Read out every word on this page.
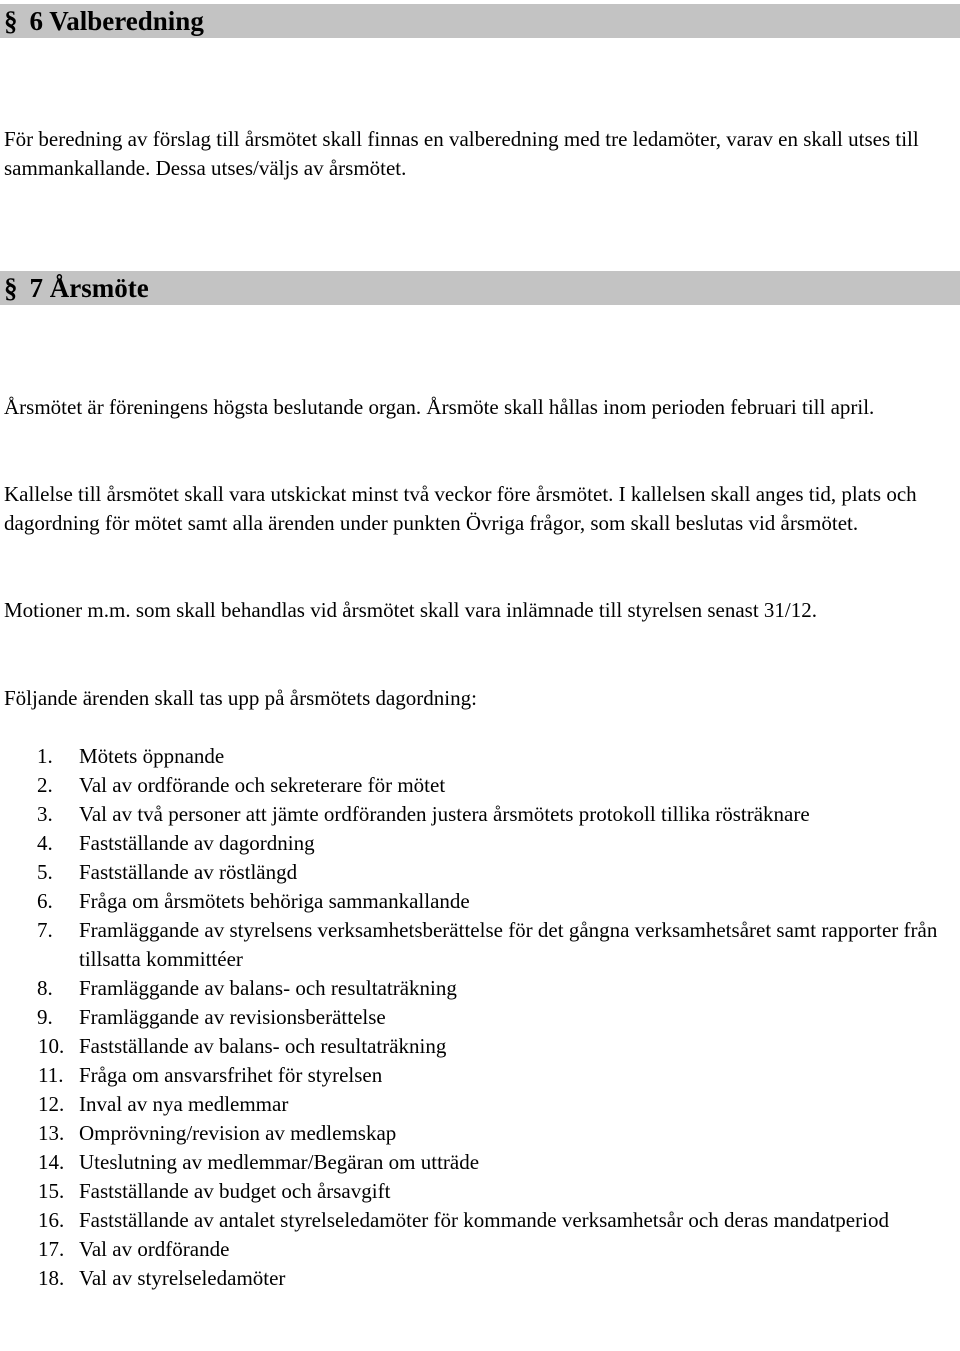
§ 6 Valberedning

För beredning av förslag till årsmötet skall finnas en valberedning med tre ledamöter, varav en skall utses till sammankallande. Dessa utses/väljs av årsmötet.

§ 7 Årsmöte

Årsmötet är föreningens högsta beslutande organ. Årsmöte skall hållas inom perioden februari till april.

Kallelse till årsmötet skall vara utskickat minst två veckor före årsmötet. I kallelsen skall anges tid, plats och dagordning för mötet samt alla ärenden under punkten Övriga frågor, som skall beslutas vid årsmötet.

Motioner m.m. som skall behandlas vid årsmötet skall vara inlämnade till styrelsen senast 31/12.

Följande ärenden skall tas upp på årsmötets dagordning:

1.	Mötets öppnande
2.	Val av ordförande och sekreterare för mötet
3.	Val av två personer att jämte ordföranden justera årsmötets protokoll tillika rösträknare
4.	Fastställande av dagordning
5.	Fastställande av röstlängd
6.	Fråga om årsmötets behöriga sammankallande
7.	Framläggande av styrelsens verksamhetsberättelse för det gångna verksamhetsåret samt rapporter från tillsatta kommittéer
8.	Framläggande av balans- och resultaträkning
9.	Framläggande av revisionsberättelse
10. Fastställande av balans- och resultaträkning
11. Fråga om ansvarsfrihet för styrelsen
12. Inval av nya medlemmar
13. Omprövning/revision av medlemskap
14. Uteslutning av medlemmar/Begäran om utträde
15. Fastställande av budget och årsavgift
16. Fastställande av antalet styrelseledamöter för kommande verksamhetsår och deras mandatperiod
17. Val av ordförande
18. Val av styrelseledamöter
